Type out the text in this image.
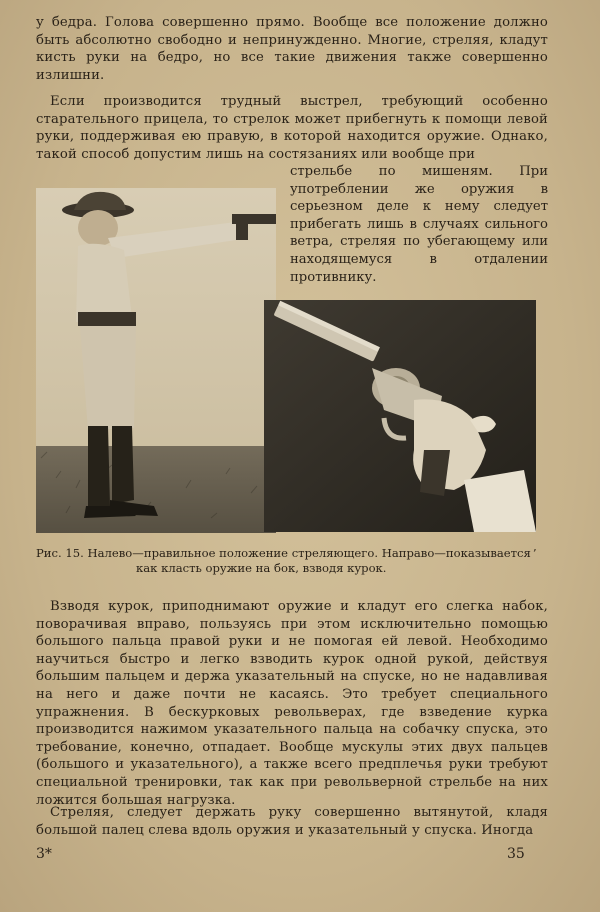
у бедра. Голова совершенно прямо. Вообще все положение должно быть абсолютно свободно и непринужденно. Многие, стреляя, кладут кисть руки на бедро, но все такие движения также совершенно излишни.

Если производится трудный выстрел, требующий особенно старательного прицела, то стрелок может прибегнуть к помощи левой руки, поддерживая ею правую, в которой находится оружие. Однако, такой способ допустим лишь на состязаниях или вообще при

стрельбе по мишеням. При употреблении же оружия в серьезном деле к нему следует прибегать лишь в случаях сильного ветра, стреляя по убегающему или находящемуся в отдалении противнику.

Рис. 15. Налево—правильное положение стреляющего. Направо—показывается ’
как класть оружие на бок, взводя курок.

Взводя курок, приподнимают оружие и кладут его слегка набок, поворачивая вправо, пользуясь при этом исключительно помощью большого пальца правой руки и не помогая ей левой. Необходимо научиться быстро и легко взводить курок одной рукой, действуя большим пальцем и держа указательный на спуске, но не надавливая на него и даже почти не касаясь. Это требует специального упражнения. В бескурковых револьверах, где взведение курка производится нажимом указательного пальца на собачку спуска, это требование, конечно, отпадает. Вообще мускулы этих двух пальцев (большого и указательного), а также всего предплечья руки требуют специальной тренировки, так как при револьверной стрельбе на них ложится большая нагрузка.

Стреляя, следует держать руку совершенно вытянутой, кладя большой палец слева вдоль оружия и указательный у спуска. Иногда

3*	35
